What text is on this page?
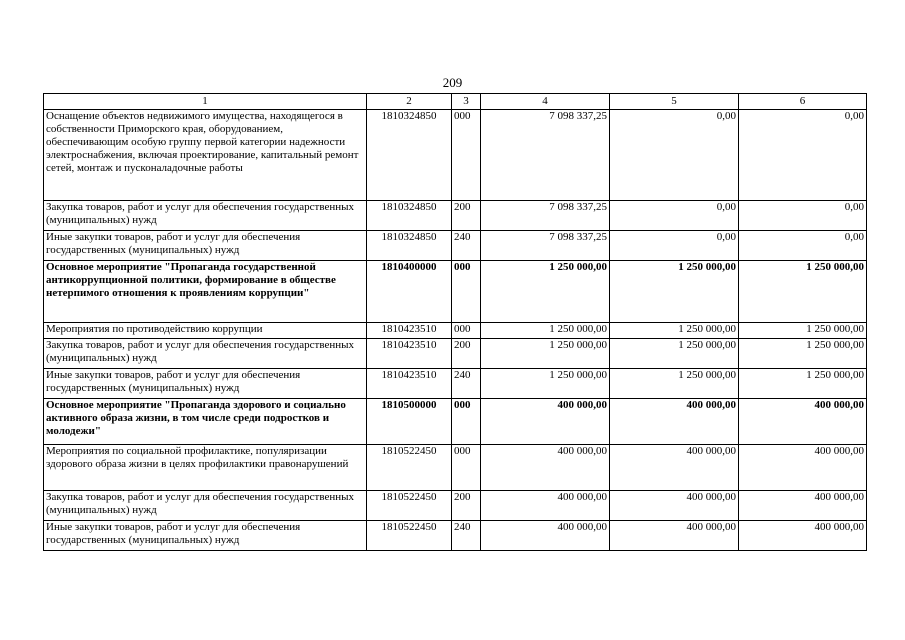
209
1	2	3	4	5	6
Оснащение объектов недвижимого имущества, находящегося в собственности Приморского края, оборудованием, обеспечивающим особую группу первой категории надежности электроснабжения, включая проектирование, капитальный ремонт сетей, монтаж и пусконаладочные работы	1810324850	000	7 098 337,25	0,00	0,00
Закупка товаров, работ и услуг для обеспечения государственных (муниципальных) нужд	1810324850	200	7 098 337,25	0,00	0,00
Иные закупки товаров, работ и услуг для обеспечения государственных (муниципальных) нужд	1810324850	240	7 098 337,25	0,00	0,00
Основное мероприятие "Пропаганда государственной антикоррупционной политики, формирование в обществе нетерпимого отношения к проявлениям коррупции"	1810400000	000	1 250 000,00	1 250 000,00	1 250 000,00
Мероприятия по противодействию коррупции	1810423510	000	1 250 000,00	1 250 000,00	1 250 000,00
Закупка товаров, работ и услуг для обеспечения государственных (муниципальных) нужд	1810423510	200	1 250 000,00	1 250 000,00	1 250 000,00
Иные закупки товаров, работ и услуг для обеспечения государственных (муниципальных) нужд	1810423510	240	1 250 000,00	1 250 000,00	1 250 000,00
Основное мероприятие "Пропаганда здорового и социально активного образа жизни, в том числе среди подростков и молодежи"	1810500000	000	400 000,00	400 000,00	400 000,00
Мероприятия по социальной профилактике, популяризации здорового образа жизни в целях профилактики правонарушений	1810522450	000	400 000,00	400 000,00	400 000,00
Закупка товаров, работ и услуг для обеспечения государственных (муниципальных) нужд	1810522450	200	400 000,00	400 000,00	400 000,00
Иные закупки товаров, работ и услуг для обеспечения государственных (муниципальных) нужд	1810522450	240	400 000,00	400 000,00	400 000,00
